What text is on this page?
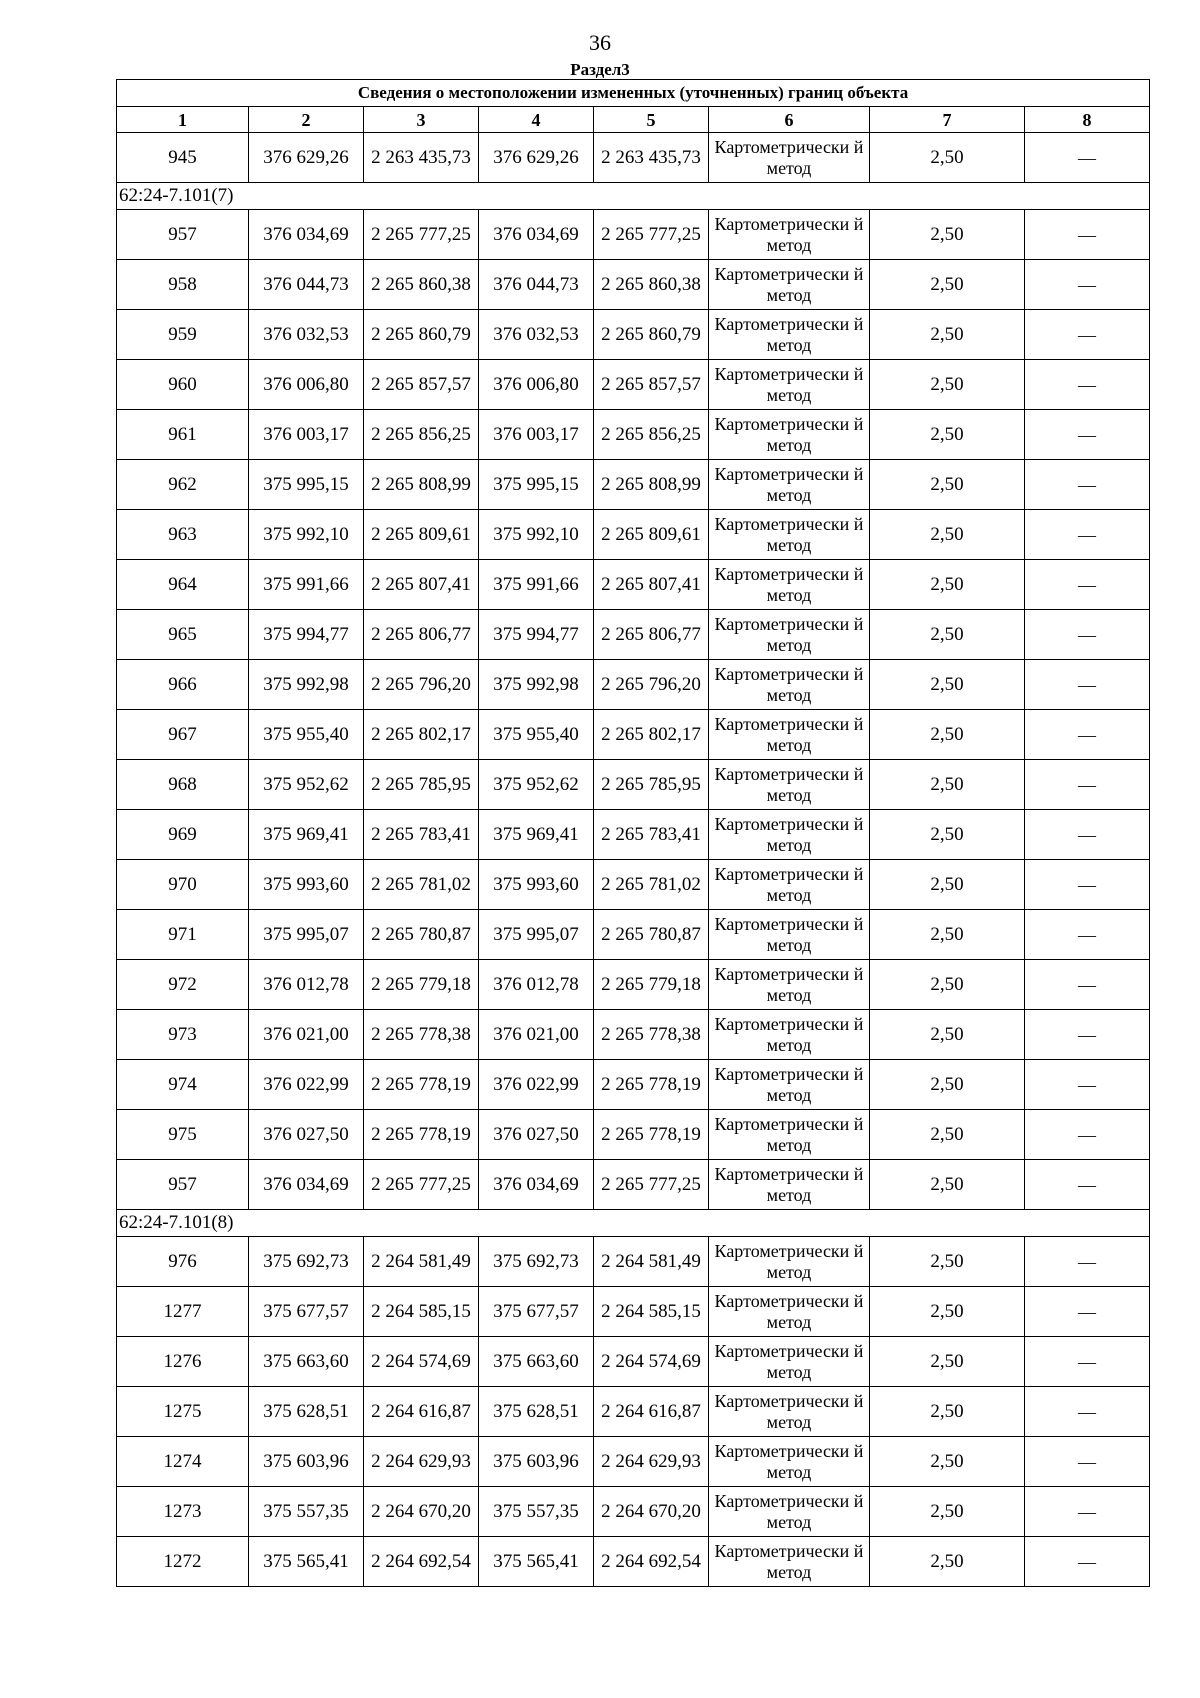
36
Раздел3
Сведения о местоположении измененных (уточненных) границ объекта							
1	2	3	4	5	6	7	8
945	376 629,26	2 263 435,73	376 629,26	2 263 435,73	Картометрически й метод	2,50	—
62:24-7.101(7)							
957	376 034,69	2 265 777,25	376 034,69	2 265 777,25	Картометрически й метод	2,50	—
958	376 044,73	2 265 860,38	376 044,73	2 265 860,38	Картометрически й метод	2,50	—
959	376 032,53	2 265 860,79	376 032,53	2 265 860,79	Картометрически й метод	2,50	—
960	376 006,80	2 265 857,57	376 006,80	2 265 857,57	Картометрически й метод	2,50	—
961	376 003,17	2 265 856,25	376 003,17	2 265 856,25	Картометрически й метод	2,50	—
962	375 995,15	2 265 808,99	375 995,15	2 265 808,99	Картометрически й метод	2,50	—
963	375 992,10	2 265 809,61	375 992,10	2 265 809,61	Картометрически й метод	2,50	—
964	375 991,66	2 265 807,41	375 991,66	2 265 807,41	Картометрически й метод	2,50	—
965	375 994,77	2 265 806,77	375 994,77	2 265 806,77	Картометрически й метод	2,50	—
966	375 992,98	2 265 796,20	375 992,98	2 265 796,20	Картометрически й метод	2,50	—
967	375 955,40	2 265 802,17	375 955,40	2 265 802,17	Картометрически й метод	2,50	—
968	375 952,62	2 265 785,95	375 952,62	2 265 785,95	Картометрически й метод	2,50	—
969	375 969,41	2 265 783,41	375 969,41	2 265 783,41	Картометрически й метод	2,50	—
970	375 993,60	2 265 781,02	375 993,60	2 265 781,02	Картометрически й метод	2,50	—
971	375 995,07	2 265 780,87	375 995,07	2 265 780,87	Картометрически й метод	2,50	—
972	376 012,78	2 265 779,18	376 012,78	2 265 779,18	Картометрически й метод	2,50	—
973	376 021,00	2 265 778,38	376 021,00	2 265 778,38	Картометрически й метод	2,50	—
974	376 022,99	2 265 778,19	376 022,99	2 265 778,19	Картометрически й метод	2,50	—
975	376 027,50	2 265 778,19	376 027,50	2 265 778,19	Картометрически й метод	2,50	—
957	376 034,69	2 265 777,25	376 034,69	2 265 777,25	Картометрически й метод	2,50	—
62:24-7.101(8)							
976	375 692,73	2 264 581,49	375 692,73	2 264 581,49	Картометрически й метод	2,50	—
1277	375 677,57	2 264 585,15	375 677,57	2 264 585,15	Картометрически й метод	2,50	—
1276	375 663,60	2 264 574,69	375 663,60	2 264 574,69	Картометрически й метод	2,50	—
1275	375 628,51	2 264 616,87	375 628,51	2 264 616,87	Картометрически й метод	2,50	—
1274	375 603,96	2 264 629,93	375 603,96	2 264 629,93	Картометрически й метод	2,50	—
1273	375 557,35	2 264 670,20	375 557,35	2 264 670,20	Картометрически й метод	2,50	—
1272	375 565,41	2 264 692,54	375 565,41	2 264 692,54	Картометрически й метод	2,50	—
